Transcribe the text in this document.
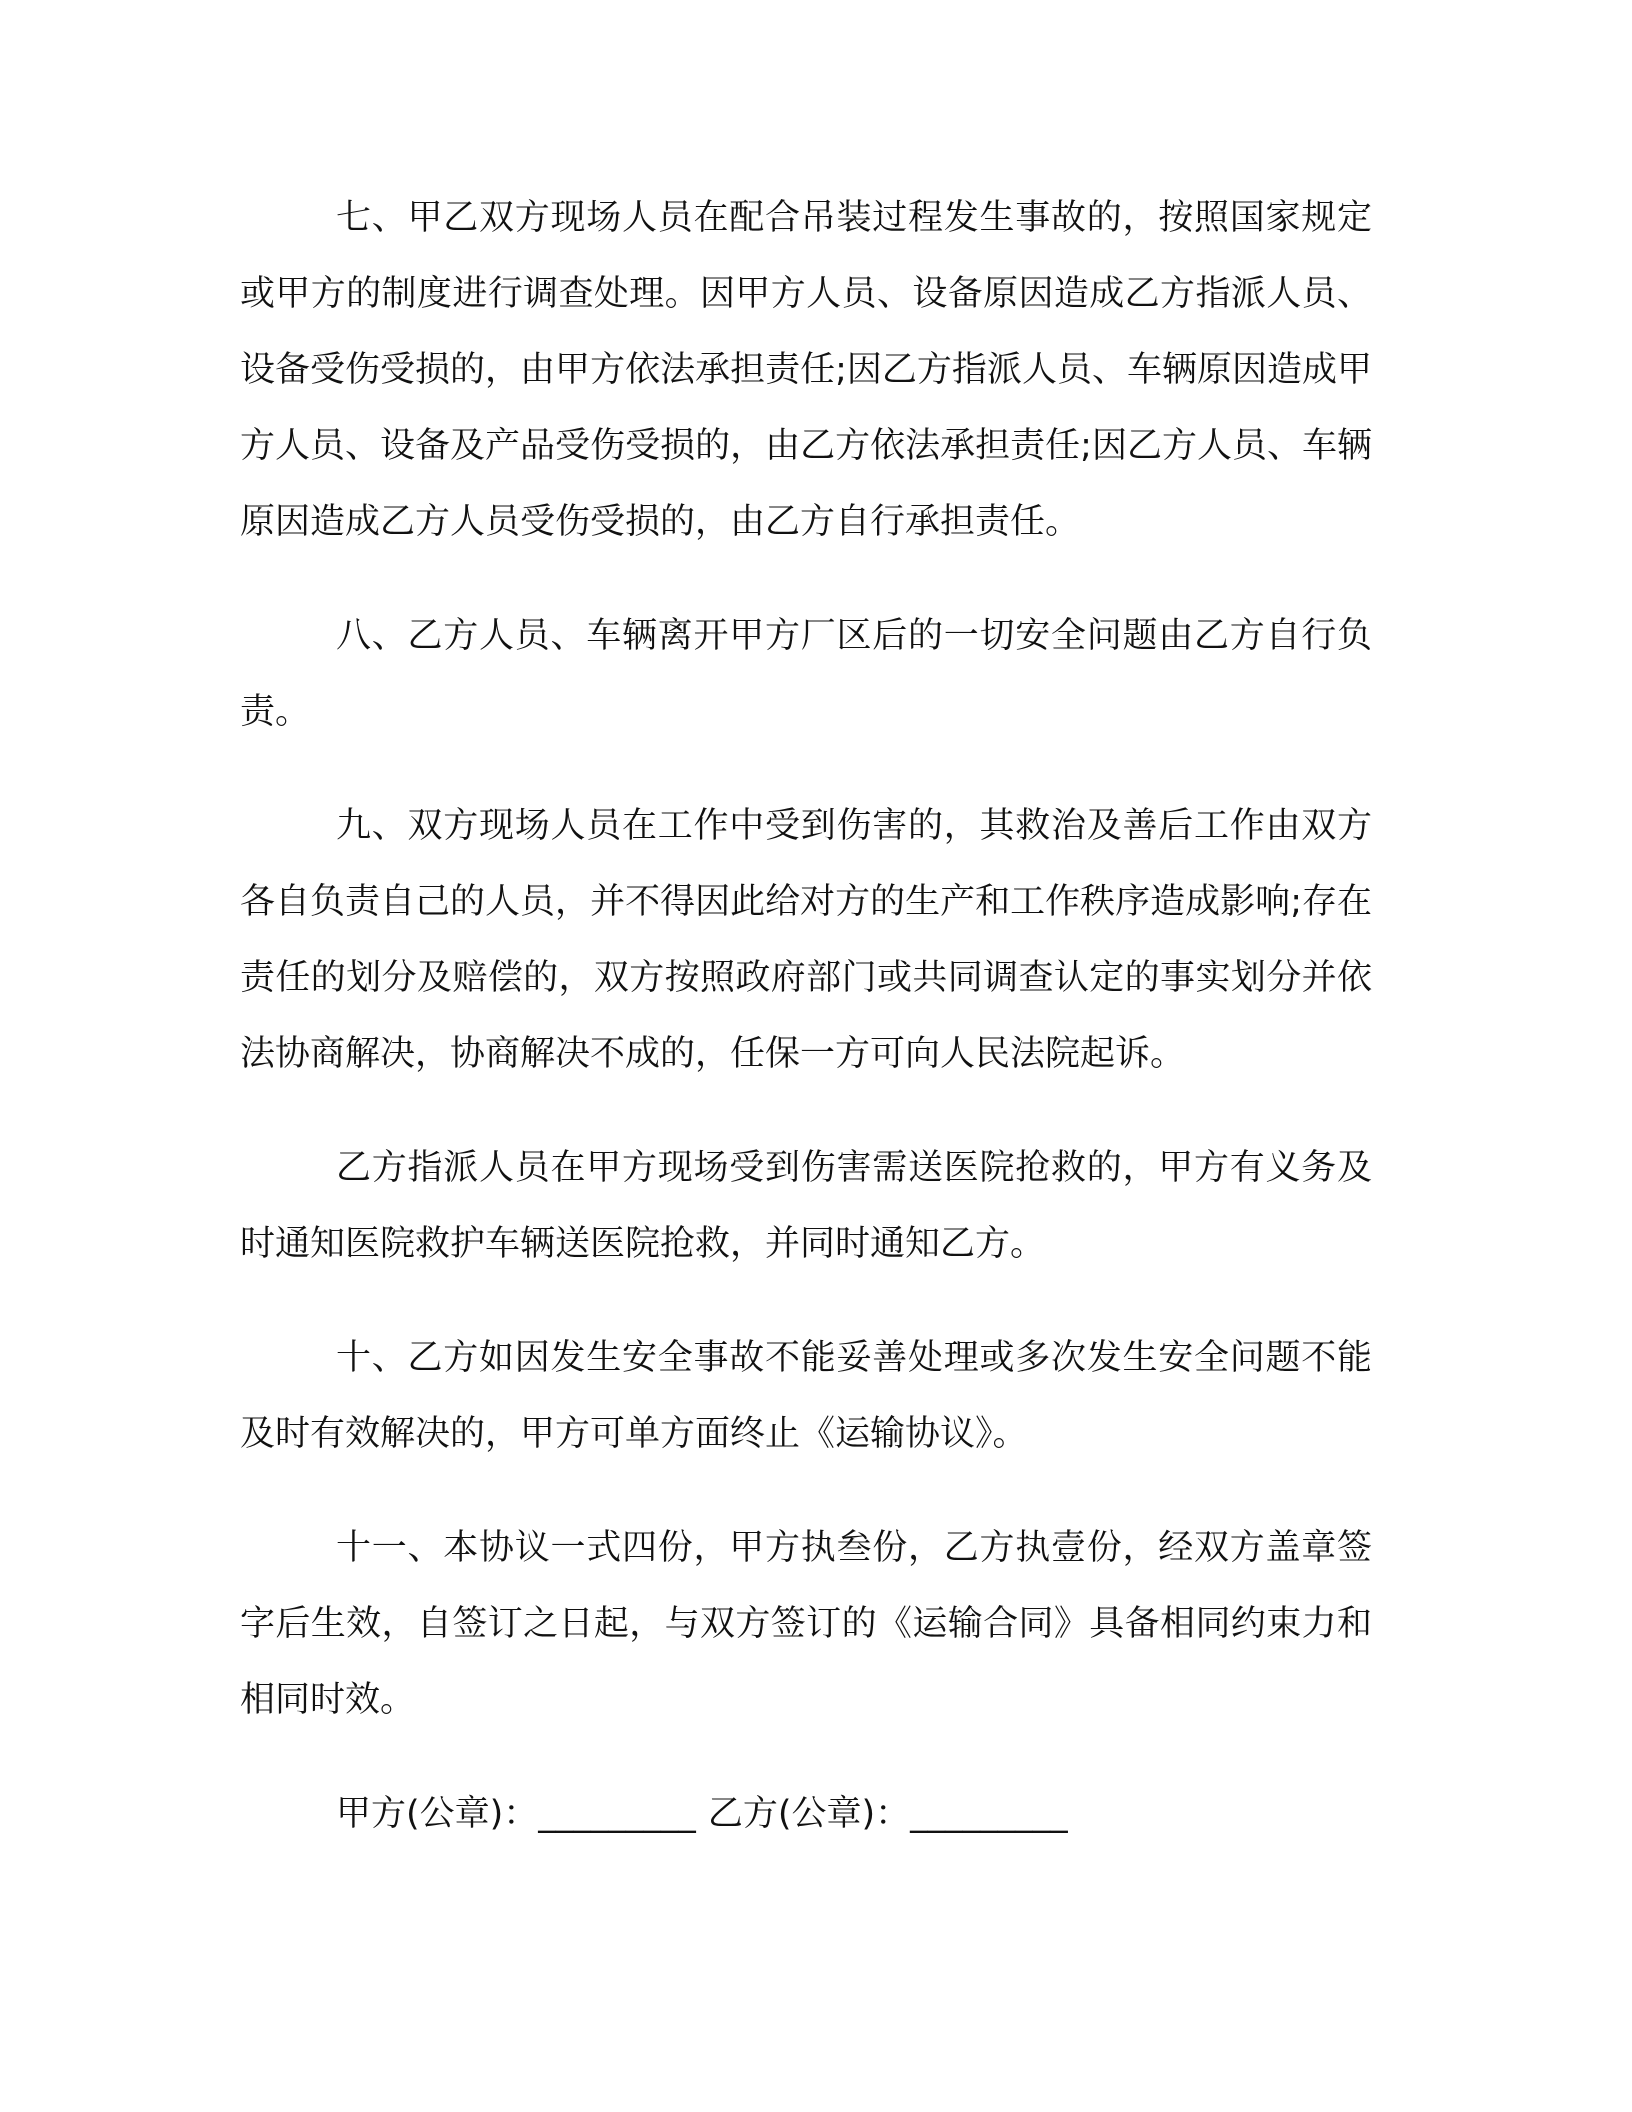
七、甲乙双方现场人员在配合吊装过程发生事故的，按照国家规定或甲方的制度进行调查处理。因甲方人员、设备原因造成乙方指派人员、设备受伤受损的，由甲方依法承担责任;因乙方指派人员、车辆原因造成甲方人员、设备及产品受伤受损的，由乙方依法承担责任;因乙方人员、车辆原因造成乙方人员受伤受损的，由乙方自行承担责任。

八、乙方人员、车辆离开甲方厂区后的一切安全问题由乙方自行负责。

九、双方现场人员在工作中受到伤害的，其救治及善后工作由双方各自负责自己的人员，并不得因此给对方的生产和工作秩序造成影响;存在责任的划分及赔偿的，双方按照政府部门或共同调查认定的事实划分并依法协商解决，协商解决不成的，任保一方可向人民法院起诉。

乙方指派人员在甲方现场受到伤害需送医院抢救的，甲方有义务及时通知医院救护车辆送医院抢救，并同时通知乙方。

十、乙方如因发生安全事故不能妥善处理或多次发生安全问题不能及时有效解决的，甲方可单方面终止《运输协议》。

十一、本协议一式四份，甲方执叁份，乙方执壹份，经双方盖章签字后生效，自签订之日起，与双方签订的《运输合同》具备相同约束力和相同时效。

甲方(公章)：_________ 乙方(公章)：_________
